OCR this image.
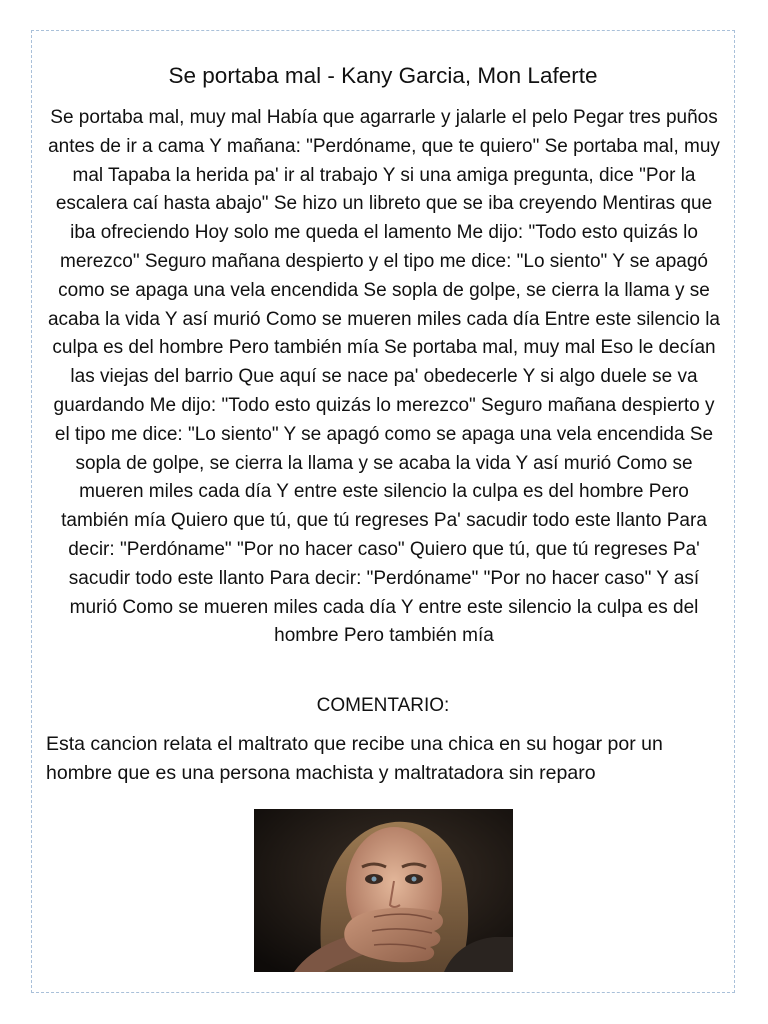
Se portaba mal - Kany Garcia, Mon Laferte

Se portaba mal, muy mal Había que agarrarle y jalarle el pelo Pegar tres puños antes de ir a cama Y mañana: "Perdóname, que te quiero" Se portaba mal, muy mal Tapaba la herida pa' ir al trabajo Y si una amiga pregunta, dice "Por la escalera caí hasta abajo" Se hizo un libreto que se iba creyendo Mentiras que iba ofreciendo Hoy solo me queda el lamento Me dijo: "Todo esto quizás lo merezco" Seguro mañana despierto y el tipo me dice: "Lo siento" Y se apagó como se apaga una vela encendida Se sopla de golpe, se cierra la llama y se acaba la vida Y así murió Como se mueren miles cada día Entre este silencio la culpa es del hombre Pero también mía Se portaba mal, muy mal Eso le decían las viejas del barrio Que aquí se nace pa' obedecerle Y si algo duele se va guardando Me dijo: "Todo esto quizás lo merezco" Seguro mañana despierto y el tipo me dice: "Lo siento" Y se apagó como se apaga una vela encendida Se sopla de golpe, se cierra la llama y se acaba la vida Y así murió Como se mueren miles cada día Y entre este silencio la culpa es del hombre Pero también mía Quiero que tú, que tú regreses Pa' sacudir todo este llanto Para decir: "Perdóname" "Por no hacer caso" Quiero que tú, que tú regreses Pa' sacudir todo este llanto Para decir: "Perdóname" "Por no hacer caso" Y así murió Como se mueren miles cada día Y entre este silencio la culpa es del hombre Pero también mía

COMENTARIO:

Esta cancion relata el maltrato que recibe una chica en su hogar por un hombre que es una persona machista y maltratadora sin reparo
